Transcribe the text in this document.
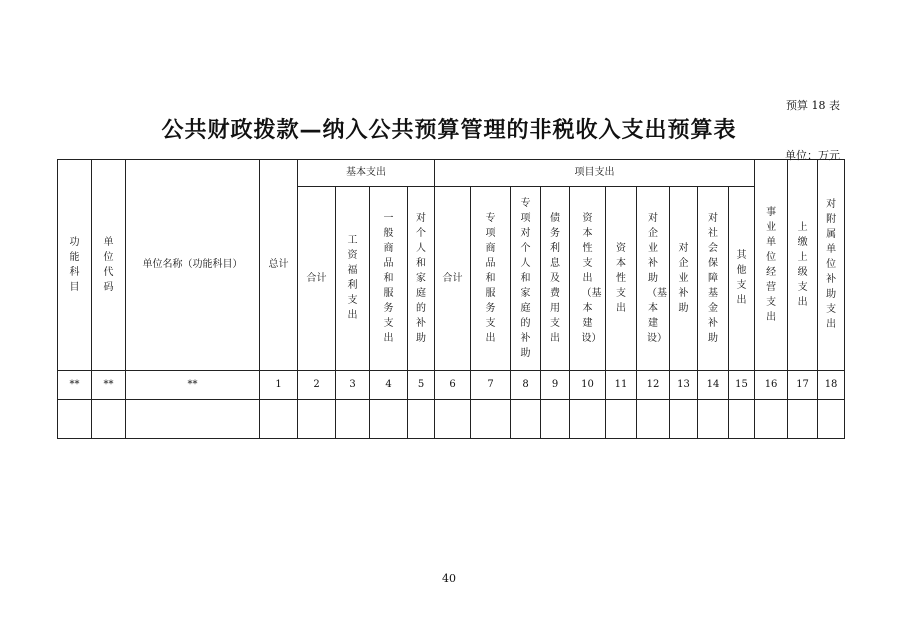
预算 18 表
公共财政拨款—纳入公共预算管理的非税收入支出预算表
单位：万元
功能科目	单位代码	单位名称（功能科目）	总计	基本支出				项目支出										事业单位经营支出	上缴上级支出	对附属单位补助支出
				合计	工资福利支出	一般商品和服务支出	对个人和家庭的补助	合计	专项商品和服务支出	专项对个人和家庭的补助	债务利息及费用支出	资本性支出（基本建设）	资本性支出	对企业补助（基本建设）	对企业补助	对社会保障基金补助	其他支出			
**	**	**	1	2	3	4	5	6	7	8	9	10	11	12	13	14	15	16	17	18

40
